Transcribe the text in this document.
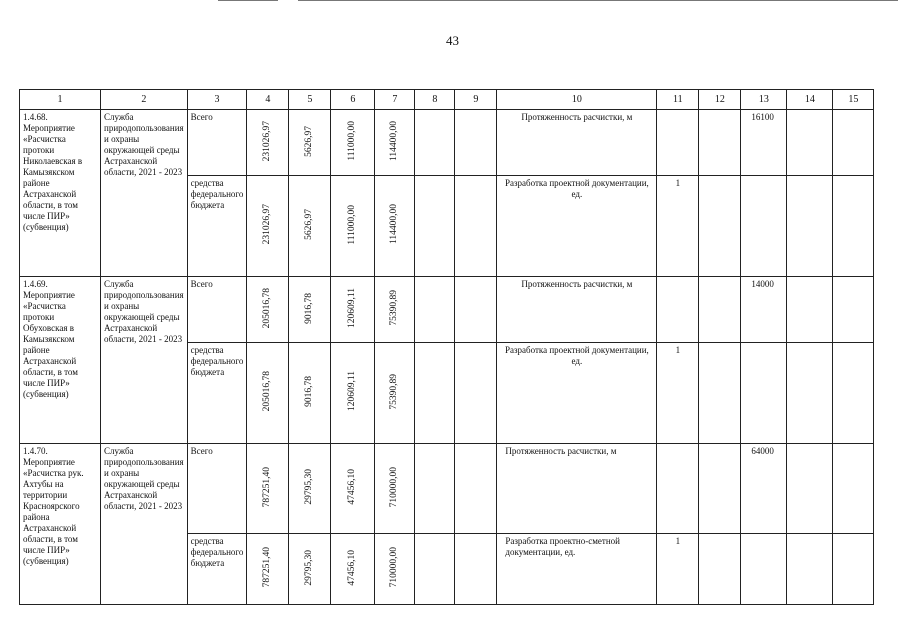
43
1	2	3	4	5	6	7	8	9	10	11	12	13	14	15
1.4.68. Мероприятие «Расчистка протоки Николаевская в Камызякском районе Астраханской области, в том числе ПИР» (субвенция)	Служба природопользования и охраны окружающей среды Астраханской области, 2021 - 2023	Всего	231026,97	5626,97	111000,00	114400,00			Протяженность расчистки, м			16100		
		средства федерального бюджета	231026,97	5626,97	111000,00	114400,00			Разработка проектной документации, ед.	1				
1.4.69. Мероприятие «Расчистка протоки Обуховская в Камызякском районе Астраханской области, в том числе ПИР» (субвенция)	Служба природопользования и охраны окружающей среды Астраханской области, 2021 - 2023	Всего	205016,78	9016,78	120609,11	75390,89			Протяженность расчистки, м			14000		
		средства федерального бюджета	205016,78	9016,78	120609,11	75390,89			Разработка проектной документации, ед.	1				
1.4.70. Мероприятие «Расчистка рук. Ахтубы на территории Красноярского района Астраханской области, в том числе ПИР» (субвенция)	Служба природопользования и охраны окружающей среды Астраханской области, 2021 - 2023	Всего	787251,40	29795,30	47456,10	710000,00			Протяженность расчистки, м			64000		
		средства федерального бюджета	787251,40	29795,30	47456,10	710000,00			Разработка проектно-сметной документации, ед.	1				
